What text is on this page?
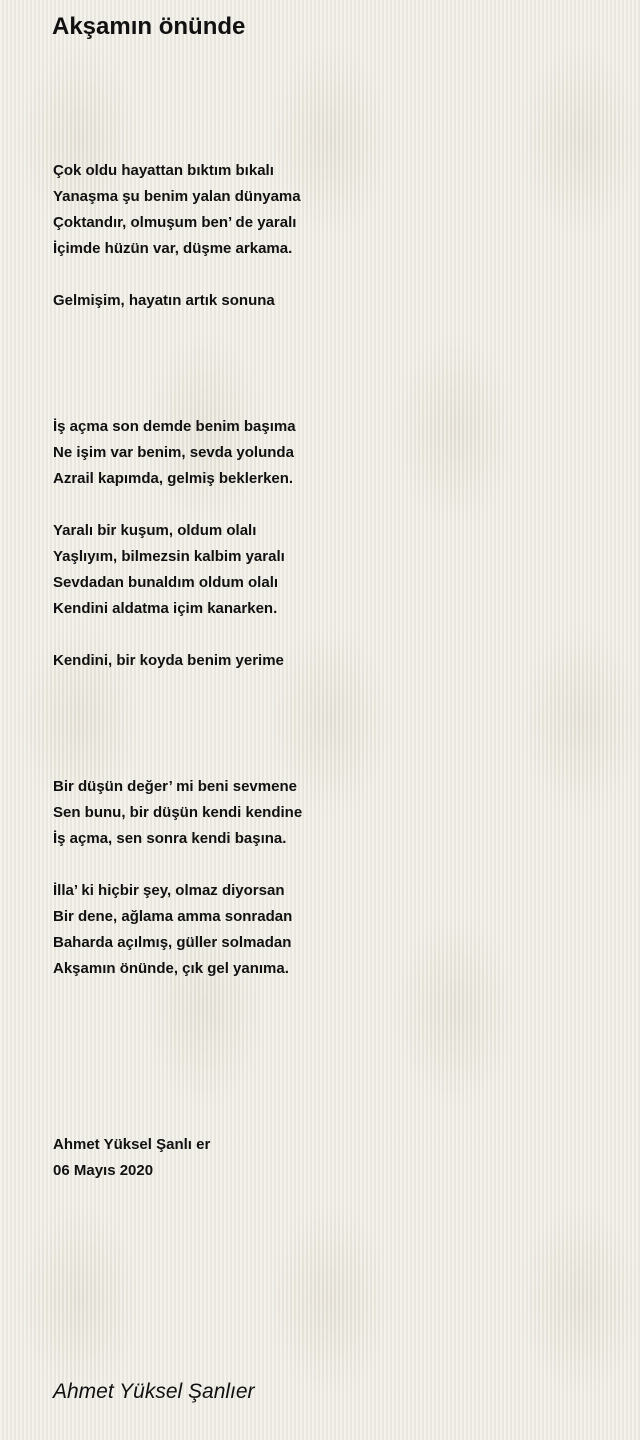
Akşamın önünde
Çok oldu hayattan bıktım bıkalı
Yanaşma şu benim yalan dünyama
Çoktandır, olmuşum ben’ de yaralı
İçimde hüzün var, düşme arkama.
Gelmişim, hayatın artık sonuna
İş açma son demde benim başıma
Ne işim var benim, sevda yolunda
Azrail kapımda, gelmiş beklerken.
Yaralı bir kuşum, oldum olalı
Yaşlıyım, bilmezsin kalbim yaralı
Sevdadan bunaldım oldum olalı
Kendini aldatma içim kanarken.
Kendini, bir koyda benim yerime
Bir düşün değer’ mi beni sevmene
Sen bunu, bir düşün kendi kendine
İş açma, sen sonra kendi başına.
İlla’ ki hiçbir şey, olmaz diyorsan
Bir dene, ağlama amma sonradan
Baharda açılmış, güller solmadan
Akşamın önünde, çık gel yanıma.
Ahmet Yüksel Şanlı er
06 Mayıs 2020

Ahmet Yüksel Şanlıer
